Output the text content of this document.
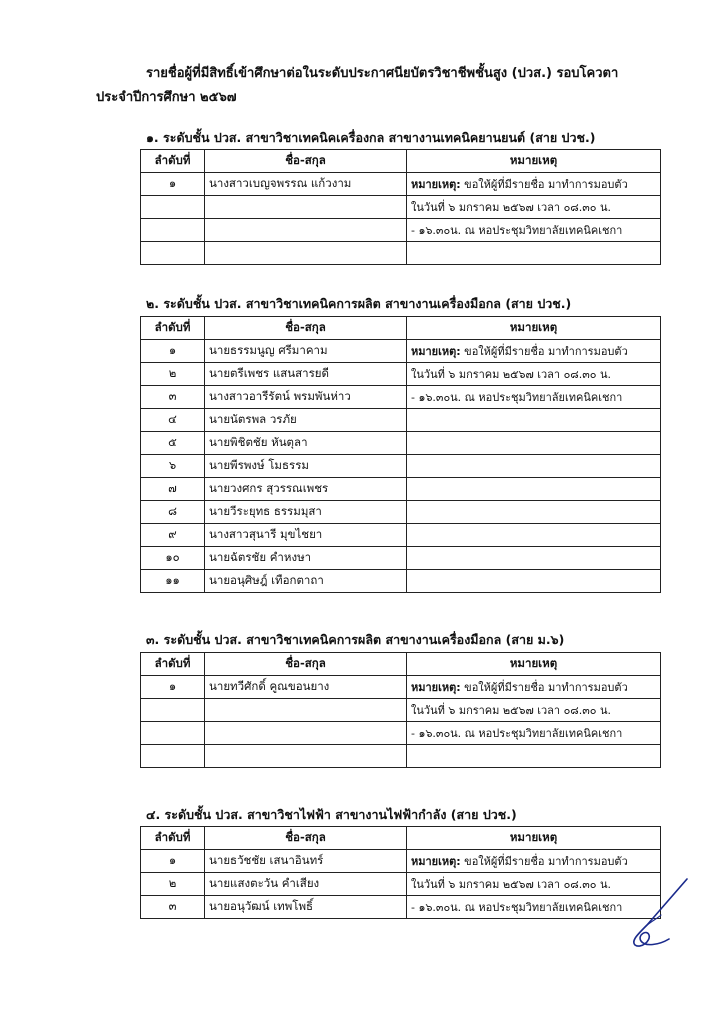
รายชื่อผู้ที่มีสิทธิ์เข้าศึกษาต่อในระดับประกาศนียบัตรวิชาชีพชั้นสูง (ปวส.) รอบโควตา
ประจำปีการศึกษา ๒๕๖๗
๑. ระดับชั้น ปวส. สาขาวิชาเทคนิคเครื่องกล สาขางานเทคนิคยานยนต์ (สาย ปวช.)
ลำดับที่	ชื่อ-สกุล	หมายเหตุ
๑	นางสาวเบญจพรรณ แก้วงาม	หมายเหตุ: ขอให้ผู้ที่มีรายชื่อ มาทำการมอบตัว
		ในวันที่ ๖ มกราคม ๒๕๖๗ เวลา ๐๘.๓๐ น.
		- ๑๖.๓๐น. ณ หอประชุมวิทยาลัยเทคนิคเชกา

๒. ระดับชั้น ปวส. สาขาวิชาเทคนิคการผลิต สาขางานเครื่องมือกล (สาย ปวช.)
ลำดับที่	ชื่อ-สกุล	หมายเหตุ
๑	นายธรรมนูญ ศรีมาคาม	หมายเหตุ: ขอให้ผู้ที่มีรายชื่อ มาทำการมอบตัว
๒	นายตรีเพชร แสนสารยดี	ในวันที่ ๖ มกราคม ๒๕๖๗ เวลา ๐๘.๓๐ น.
๓	นางสาวอารีรัตน์ พรมพันห่าว	- ๑๖.๓๐น. ณ หอประชุมวิทยาลัยเทคนิคเชกา
๔	นายนัตรพล วรภัย	
๕	นายพิชิตชัย หันตุลา	
๖	นายพีรพงษ์ โมธรรม	
๗	นายวงศกร สุวรรณเพชร	
๘	นายวีระยุทธ ธรรมมุสา	
๙	นางสาวสุนารี มุขไชยา	
๑๐	นายฉัตรชัย คำหงษา	
๑๑	นายอนุศิษฎ์ เทือกตาถา	
๓. ระดับชั้น ปวส. สาขาวิชาเทคนิคการผลิต สาขางานเครื่องมือกล (สาย ม.๖)
ลำดับที่	ชื่อ-สกุล	หมายเหตุ
๑	นายทวีศักดิ์ คูณขอนยาง	หมายเหตุ: ขอให้ผู้ที่มีรายชื่อ มาทำการมอบตัว
		ในวันที่ ๖ มกราคม ๒๕๖๗ เวลา ๐๘.๓๐ น.
		- ๑๖.๓๐น. ณ หอประชุมวิทยาลัยเทคนิคเชกา

๔. ระดับชั้น ปวส. สาขาวิชาไฟฟ้า สาขางานไฟฟ้ากำลัง (สาย ปวช.)
ลำดับที่	ชื่อ-สกุล	หมายเหตุ
๑	นายธวัชชัย เสนาอินทร์	หมายเหตุ: ขอให้ผู้ที่มีรายชื่อ มาทำการมอบตัว
๒	นายแสงตะวัน คำเสียง	ในวันที่ ๖ มกราคม ๒๕๖๗ เวลา ๐๘.๓๐ น.
๓	นายอนุวัฒน์ เทพโพธิ์	- ๑๖.๓๐น. ณ หอประชุมวิทยาลัยเทคนิคเชกา
